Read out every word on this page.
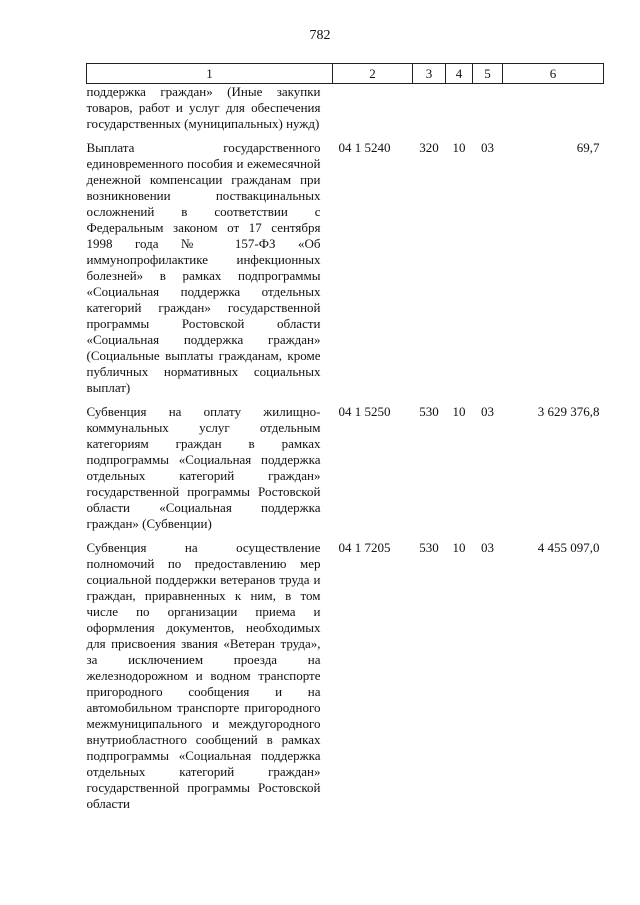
782
1	2	3	4	5	6
поддержка граждан» (Иные закупки товаров, работ и услуг для обеспечения государственных (муниципальных) нужд)					

Выплата государственного единовременного пособия и ежемесячной денежной компенсации гражданам при возникновении поствакцинальных осложнений в соответствии с Федеральным законом от 17 сентября 1998 года № 157-ФЗ «Об иммунопрофилактике инфекционных болезней» в рамках подпрограммы «Социальная поддержка отдельных категорий граждан» государственной программы Ростовской области «Социальная поддержка граждан» (Социальные выплаты гражданам, кроме публичных нормативных социальных выплат)	04 1 5240	320	10	03	69,7

Субвенция на оплату жилищно-коммунальных услуг отдельным категориям граждан в рамках подпрограммы «Социальная поддержка отдельных категорий граждан» государственной программы Ростовской области «Социальная поддержка граждан» (Субвенции)	04 1 5250	530	10	03	3 629 376,8

Субвенция на осуществление полномочий по предоставлению мер социальной поддержки ветеранов труда и граждан, приравненных к ним, в том числе по организации приема и оформления документов, необходимых для присвоения звания «Ветеран труда», за исключением проезда на железнодорожном и водном транспорте пригородного сообщения и на автомобильном транспорте пригородного межмуниципального и междугородного внутриобластного сообщений в рамках подпрограммы «Социальная поддержка отдельных категорий граждан» государственной программы Ростовской области	04 1 7205	530	10	03	4 455 097,0
